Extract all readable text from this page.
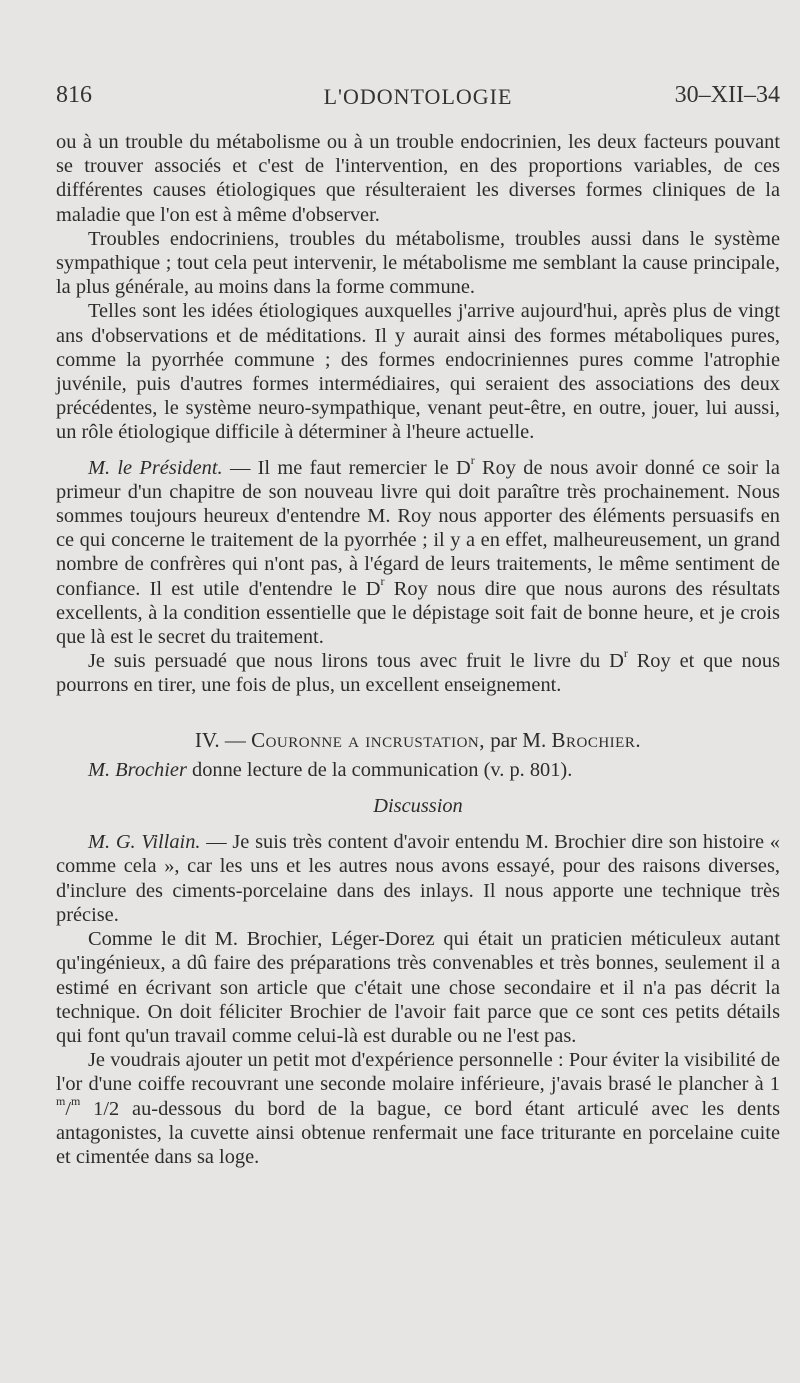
816	L'ODONTOLOGIE	30–XII–34

ou à un trouble du métabolisme ou à un trouble endocrinien, les deux facteurs pouvant se trouver associés et c'est de l'intervention, en des proportions variables, de ces différentes causes étiologiques que résulteraient les diverses formes cliniques de la maladie que l'on est à même d'observer.

Troubles endocriniens, troubles du métabolisme, troubles aussi dans le système sympathique ; tout cela peut intervenir, le métabolisme me semblant la cause principale, la plus générale, au moins dans la forme commune.

Telles sont les idées étiologiques auxquelles j'arrive aujourd'hui, après plus de vingt ans d'observations et de méditations. Il y aurait ainsi des formes métaboliques pures, comme la pyorrhée commune ; des formes endocriniennes pures comme l'atrophie juvénile, puis d'autres formes intermédiaires, qui seraient des associations des deux précédentes, le système neuro-sympathique, venant peut-être, en outre, jouer, lui aussi, un rôle étiologique difficile à déterminer à l'heure actuelle.

M. le Président. — Il me faut remercier le $D^r$ Roy de nous avoir donné ce soir la primeur d'un chapitre de son nouveau livre qui doit paraître très prochainement. Nous sommes toujours heureux d'entendre M. Roy nous apporter des éléments persuasifs en ce qui concerne le traitement de la pyorrhée ; il y a en effet, malheureusement, un grand nombre de confrères qui n'ont pas, à l'égard de leurs traitements, le même sentiment de confiance. Il est utile d'entendre le $D^r$ Roy nous dire que nous aurons des résultats excellents, à la condition essentielle que le dépistage soit fait de bonne heure, et je crois que là est le secret du traitement.

Je suis persuadé que nous lirons tous avec fruit le livre du $D^r$ Roy et que nous pourrons en tirer, une fois de plus, un excellent enseignement.

IV. — Couronne a incrustation, par M. Brochier.

M. Brochier donne lecture de la communication (v. p. 801).

Discussion

M. G. Villain. — Je suis très content d'avoir entendu M. Brochier dire son histoire « comme cela », car les uns et les autres nous avons essayé, pour des raisons diverses, d'inclure des ciments-porcelaine dans des inlays. Il nous apporte une technique très précise.

Comme le dit M. Brochier, Léger-Dorez qui était un praticien méticuleux autant qu'ingénieux, a dû faire des préparations très convenables et très bonnes, seulement il a estimé en écrivant son article que c'était une chose secondaire et il n'a pas décrit la technique. On doit féliciter Brochier de l'avoir fait parce que ce sont ces petits détails qui font qu'un travail comme celui-là est durable ou ne l'est pas.

Je voudrais ajouter un petit mot d'expérience personnelle : Pour éviter la visibilité de l'or d'une coiffe recouvrant une seconde molaire inférieure, j'avais brasé le plancher à 1 $^m$/$^m$ 1/2 au-dessous du bord de la bague, ce bord étant articulé avec les dents antagonistes, la cuvette ainsi obtenue renfermait une face triturante en porcelaine cuite et cimentée dans sa loge.
